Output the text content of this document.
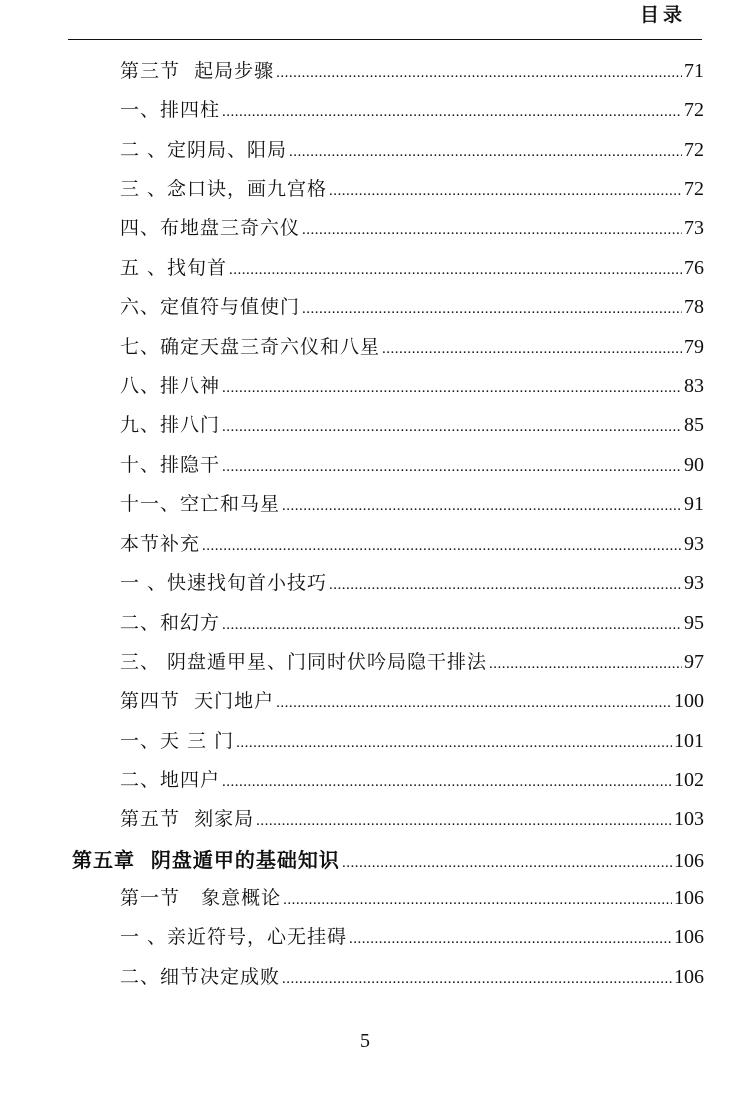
目录
第三节  起局步骤 .....	71
一、排四柱 .....	72
二 、定阴局、阳局 .....	72
三 、念口诀，画九宫格 .....	72
四、布地盘三奇六仪 .....	73
五 、找旬首 .....	76
六、定值符与值使门 .....	78
七、确定天盘三奇六仪和八星 .....	79
八、排八神 .....	83
九、排八门 .....	85
十、排隐干 .....	90
十一、空亡和马星 .....	91
本节补充 .....	93
一 、快速找旬首小技巧 .....	93
二、和幻方 .....	95
三、 阴盘遁甲星、门同时伏吟局隐干排法 .....	97
第四节  天门地户 .....	100
一、天 三 门 .....	101
二、地四户 .....	102
第五节  刻家局 .....	103
第五章  阴盘遁甲的基础知识 .....	106
第一节   象意概论 .....	106
一 、亲近符号，心无挂碍 .....	106
二、细节决定成败 .....	106
5
